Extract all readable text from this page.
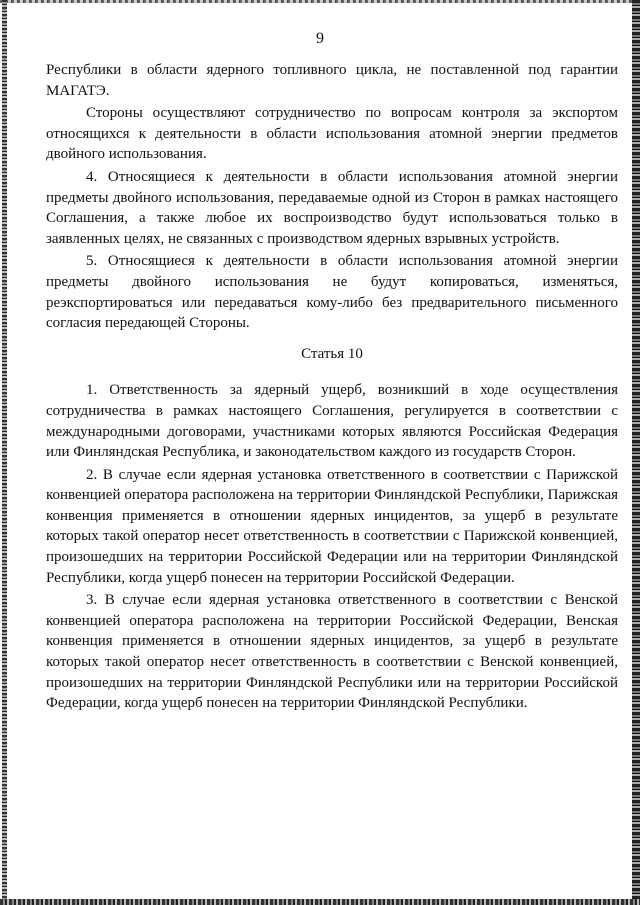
9

Республики в области ядерного топливного цикла, не поставленной под гарантии МАГАТЭ.

Стороны осуществляют сотрудничество по вопросам контроля за экспортом относящихся к деятельности в области использования атомной энергии предметов двойного использования.

4. Относящиеся к деятельности в области использования атомной энергии предметы двойного использования, передаваемые одной из Сторон в рамках настоящего Соглашения, а также любое их воспроизводство будут использоваться только в заявленных целях, не связанных с производством ядерных взрывных устройств.

5. Относящиеся к деятельности в области использования атомной энергии предметы двойного использования не будут копироваться, изменяться, реэкспортироваться или передаваться кому-либо без предварительного письменного согласия передающей Стороны.

Статья 10

1. Ответственность за ядерный ущерб, возникший в ходе осуществления сотрудничества в рамках настоящего Соглашения, регулируется в соответствии с международными договорами, участниками которых являются Российская Федерация или Финляндская Республика, и законодательством каждого из государств Сторон.

2. В случае если ядерная установка ответственного в соответствии с Парижской конвенцией оператора расположена на территории Финляндской Республики, Парижская конвенция применяется в отношении ядерных инцидентов, за ущерб в результате которых такой оператор несет ответственность в соответствии с Парижской конвенцией, произошедших на территории Российской Федерации или на территории Финляндской Республики, когда ущерб понесен на территории Российской Федерации.

3. В случае если ядерная установка ответственного в соответствии с Венской конвенцией оператора расположена на территории Российской Федерации, Венская конвенция применяется в отношении ядерных инцидентов, за ущерб в результате которых такой оператор несет ответственность в соответствии с Венской конвенцией, произошедших на территории Финляндской Республики или на территории Российской Федерации, когда ущерб понесен на территории Финляндской Республики.
